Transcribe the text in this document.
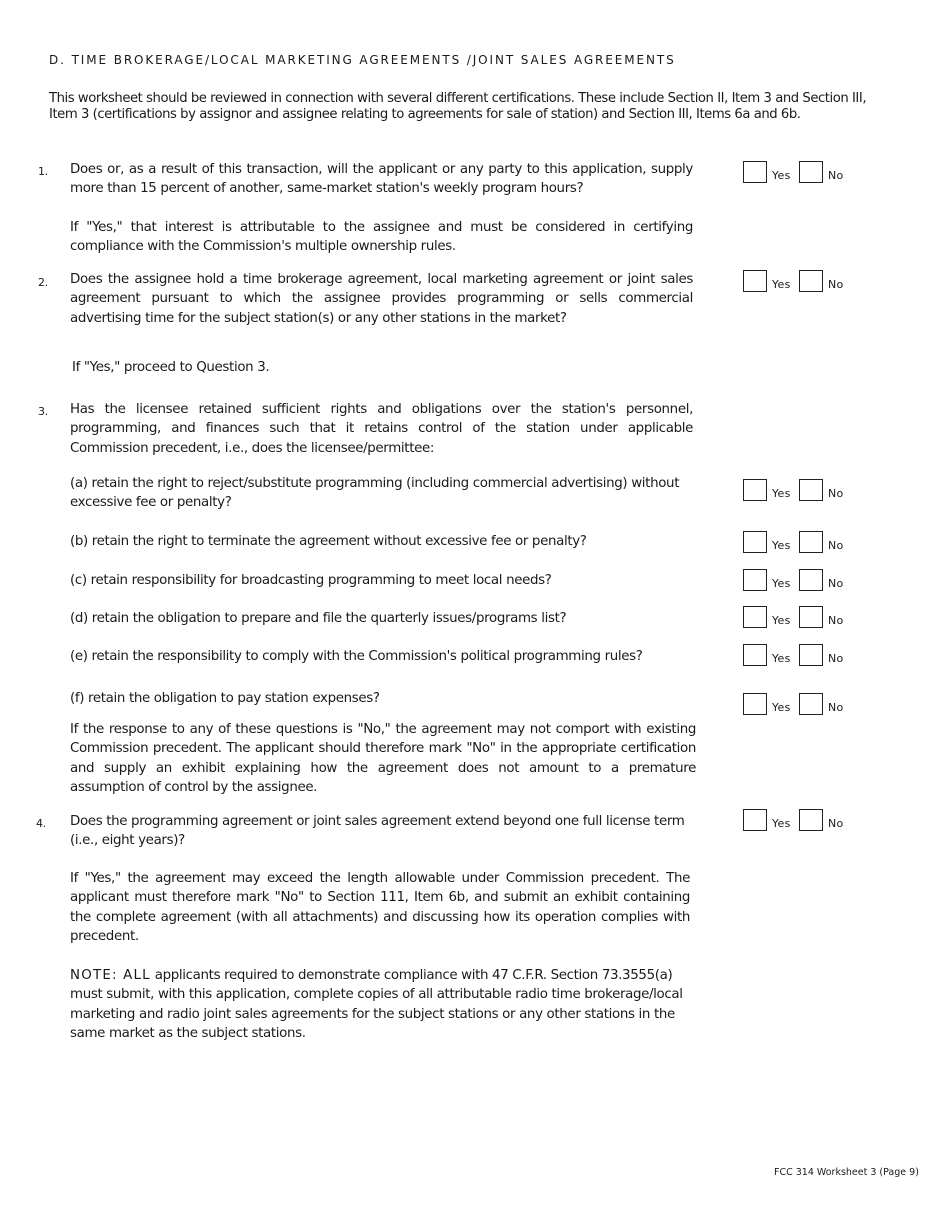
D. TIME BROKERAGE/LOCAL MARKETING AGREEMENTS /JOINT SALES AGREEMENTS
This worksheet should be reviewed in connection with several different certifications. These include Section II, Item 3 and Section III, Item 3 (certifications by assignor and assignee relating to agreements for sale of station) and Section III, Items 6a and 6b.
1. Does or, as a result of this transaction, will the applicant or any party to this application, supply more than 15 percent of another, same-market station's weekly program hours?
If "Yes," that interest is attributable to the assignee and must be considered in certifying compliance with the Commission's multiple ownership rules.
Yes	No
2. Does the assignee hold a time brokerage agreement, local marketing agreement or joint sales agreement pursuant to which the assignee provides programming or sells commercial advertising time for the subject station(s) or any other stations in the market?
If "Yes," proceed to Question 3.
Yes	No
3. Has the licensee retained sufficient rights and obligations over the station's personnel, programming, and finances such that it retains control of the station under applicable Commission precedent, i.e., does the licensee/permittee:
(a) retain the right to reject/substitute programming (including commercial advertising) without excessive fee or penalty?
Yes	No
(b) retain the right to terminate the agreement without excessive fee or penalty?	Yes	No
(c) retain responsibility for broadcasting programming to meet local needs?	Yes	No
(d) retain the obligation to prepare and file the quarterly issues/programs list?	Yes	No
(e) retain the responsibility to comply with the Commission's political programming rules?	Yes	No
(f) retain the obligation to pay station expenses?
Yes	No
If the response to any of these questions is "No," the agreement may not comport with existing Commission precedent. The applicant should therefore mark "No" in the appropriate certification and supply an exhibit explaining how the agreement does not amount to a premature assumption of control by the assignee.
4. Does the programming agreement or joint sales agreement extend beyond one full license term (i.e., eight years)?
Yes	No
If "Yes," the agreement may exceed the length allowable under Commission precedent. The applicant must therefore mark "No" to Section 111, Item 6b, and submit an exhibit containing the complete agreement (with all attachments) and discussing how its operation complies with precedent.
NOTE: ALL applicants required to demonstrate compliance with 47 C.F.R. Section 73.3555(a) must submit, with this application, complete copies of all attributable radio time brokerage/local marketing and radio joint sales agreements for the subject stations or any other stations in the same market as the subject stations.
FCC 314 Worksheet 3 (Page 9)
